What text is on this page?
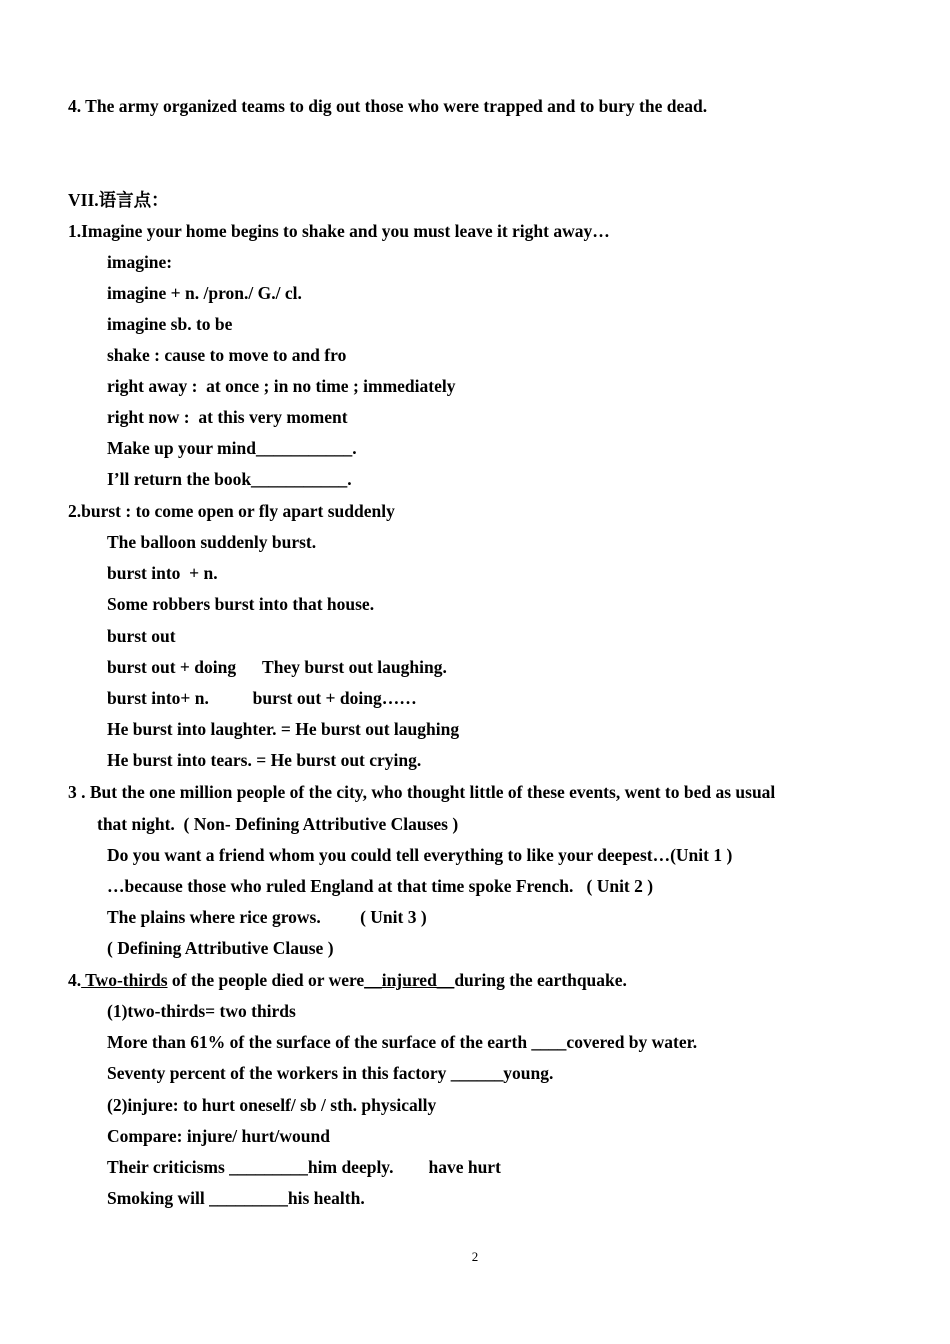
4. The army organized teams to dig out those who were trapped and to bury the dead.
VII.语言点：
1.Imagine your home begins to shake and you must leave it right away…
imagine:
imagine + n. /pron./ G./ cl.
imagine sb. to be
shake : cause to move to and fro
right away :  at once ; in no time ; immediately
right now :  at this very moment
Make up your mind___________.
I’ll return the book___________.
2.burst : to come open or fly apart suddenly
The balloon suddenly burst.
burst into  + n.
Some robbers burst into that house.
burst out
burst out + doing      They burst out laughing.
burst into+ n.          burst out + doing……
He burst into laughter. = He burst out laughing
He burst into tears. = He burst out crying.
3 . But the one million people of the city, who thought little of these events, went to bed as usual
that night.  ( Non- Defining Attributive Clauses )
Do you want a friend whom you could tell everything to like your deepest…(Unit 1 )
…because those who ruled England at that time spoke French.   ( Unit 2 )
The plains where rice grows.         ( Unit 3 )
( Defining Attributive Clause )
4. Two-thirds of the people died or were__injured__during the earthquake.
(1)two-thirds= two thirds
More than 61% of the surface of the surface of the earth ____covered by water.
Seventy percent of the workers in this factory ______young.
(2)injure: to hurt oneself/ sb / sth. physically
Compare: injure/ hurt/wound
Their criticisms _________him deeply.        have hurt
Smoking will _________his health.
2
